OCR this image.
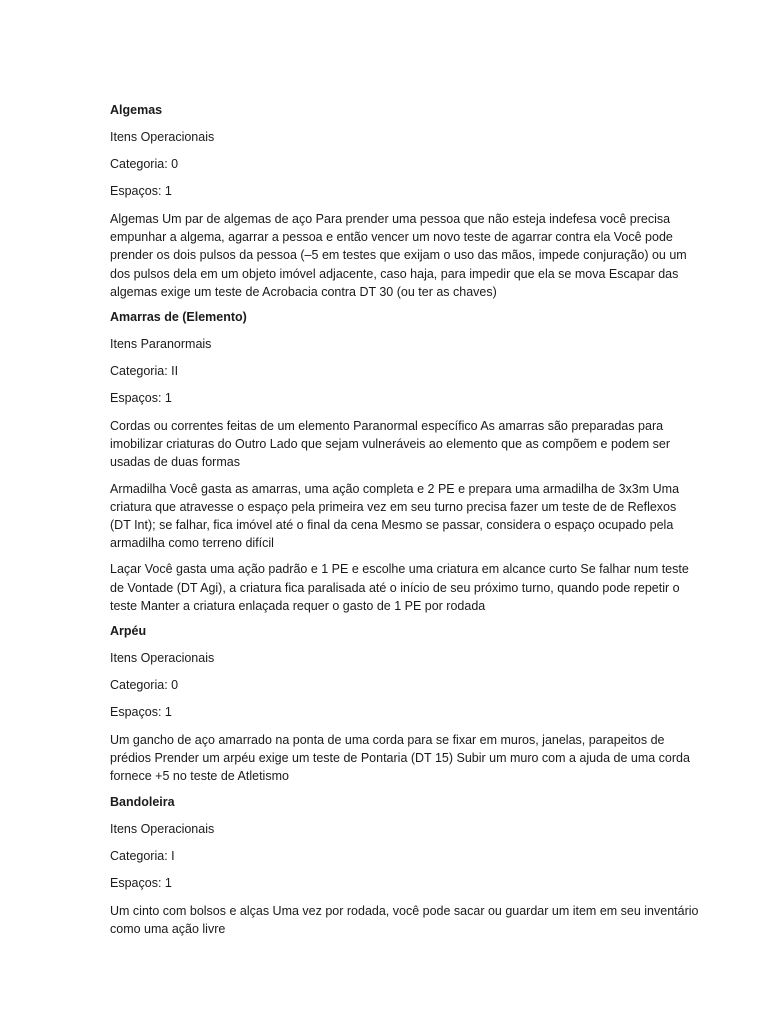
Algemas
Itens Operacionais
Categoria: 0
Espaços: 1

Algemas Um par de algemas de aço Para prender uma pessoa que não esteja indefesa você precisa empunhar a algema, agarrar a pessoa e então vencer um novo teste de agarrar contra ela Você pode prender os dois pulsos da pessoa (–5 em testes que exijam o uso das mãos, impede conjuração) ou um dos pulsos dela em um objeto imóvel adjacente, caso haja, para impedir que ela se mova Escapar das algemas exige um teste de Acrobacia contra DT 30 (ou ter as chaves)

Amarras de (Elemento)
Itens Paranormais
Categoria: II
Espaços: 1

Cordas ou correntes feitas de um elemento Paranormal específico As amarras são preparadas para imobilizar criaturas do Outro Lado que sejam vulneráveis ao elemento que as compõem e podem ser usadas de duas formas

Armadilha Você gasta as amarras, uma ação completa e 2 PE e prepara uma armadilha de 3x3m Uma criatura que atravesse o espaço pela primeira vez em seu turno precisa fazer um teste de de Reflexos (DT Int); se falhar, fica imóvel até o final da cena Mesmo se passar, considera o espaço ocupado pela armadilha como terreno difícil

Laçar Você gasta uma ação padrão e 1 PE e escolhe uma criatura em alcance curto Se falhar num teste de Vontade (DT Agi), a criatura fica paralisada até o início de seu próximo turno, quando pode repetir o teste Manter a criatura enlaçada requer o gasto de 1 PE por rodada

Arpéu
Itens Operacionais
Categoria: 0
Espaços: 1

Um gancho de aço amarrado na ponta de uma corda para se fixar em muros, janelas, parapeitos de prédios Prender um arpéu exige um teste de Pontaria (DT 15) Subir um muro com a ajuda de uma corda fornece +5 no teste de Atletismo

Bandoleira
Itens Operacionais
Categoria: I
Espaços: 1

Um cinto com bolsos e alças Uma vez por rodada, você pode sacar ou guardar um item em seu inventário como uma ação livre
